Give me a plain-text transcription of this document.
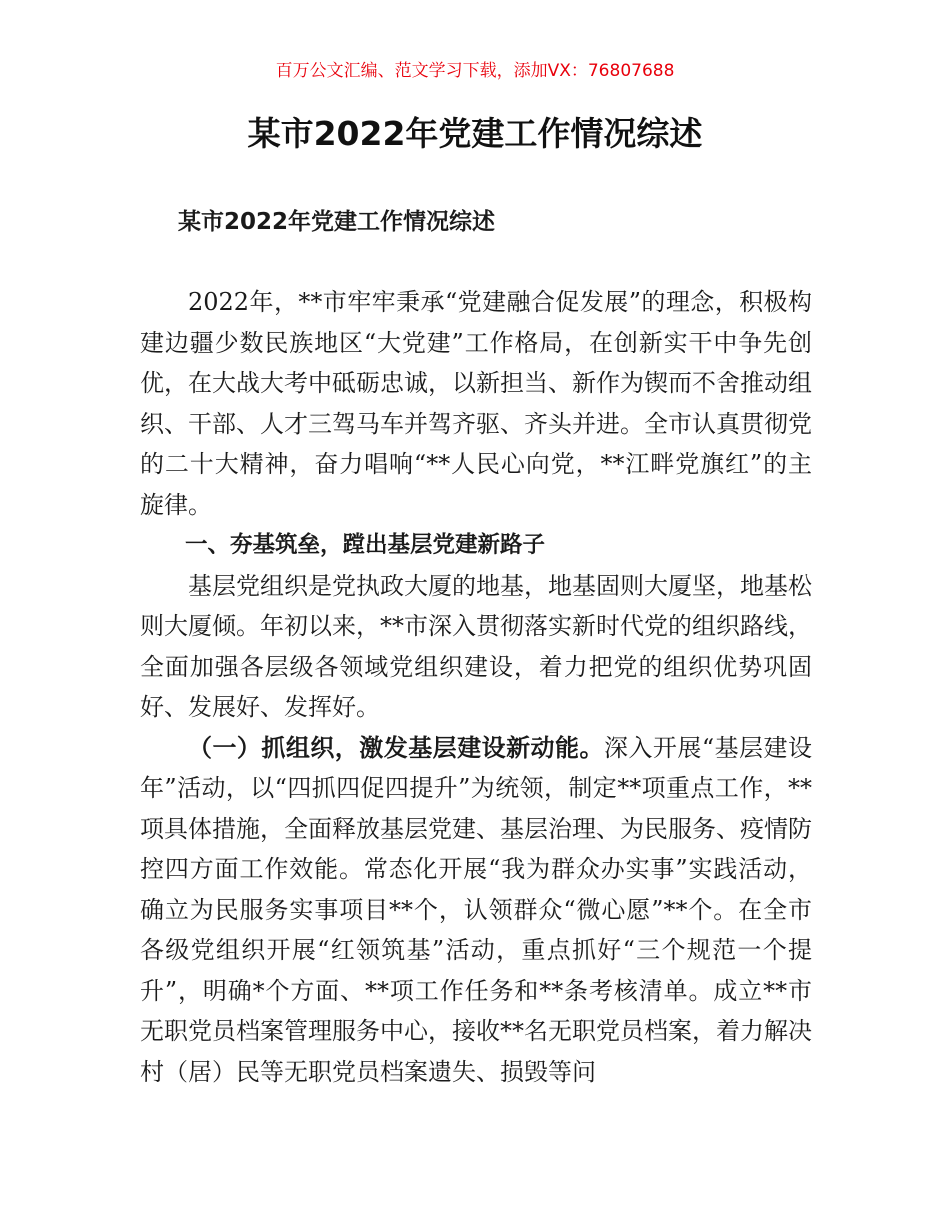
百万公文汇编、范文学习下载，添加VX：76807688
某市2022年党建工作情况综述
某市2022年党建工作情况综述

2022年，**市牢牢秉承“党建融合促发展”的理念，积极构建边疆少数民族地区“大党建”工作格局，在创新实干中争先创优，在大战大考中砥砺忠诚，以新担当、新作为锲而不舍推动组织、干部、人才三驾马车并驾齐驱、齐头并进。全市认真贯彻党的二十大精神，奋力唱响“**人民心向党，**江畔党旗红”的主旋律。

一、夯基筑垒，蹚出基层党建新路子

基层党组织是党执政大厦的地基，地基固则大厦坚，地基松则大厦倾。年初以来，**市深入贯彻落实新时代党的组织路线，全面加强各层级各领域党组织建设，着力把党的组织优势巩固好、发展好、发挥好。

（一）抓组织，激发基层建设新动能。深入开展“基层建设年”活动，以“四抓四促四提升”为统领，制定**项重点工作，**项具体措施，全面释放基层党建、基层治理、为民服务、疫情防控四方面工作效能。常态化开展“我为群众办实事”实践活动，确立为民服务实事项目**个，认领群众“微心愿”**个。在全市各级党组织开展“红领筑基”活动，重点抓好“三个规范一个提升”，明确*个方面、**项工作任务和**条考核清单。成立**市无职党员档案管理服务中心，接收**名无职党员档案，着力解决村（居）民等无职党员档案遗失、损毁等问
